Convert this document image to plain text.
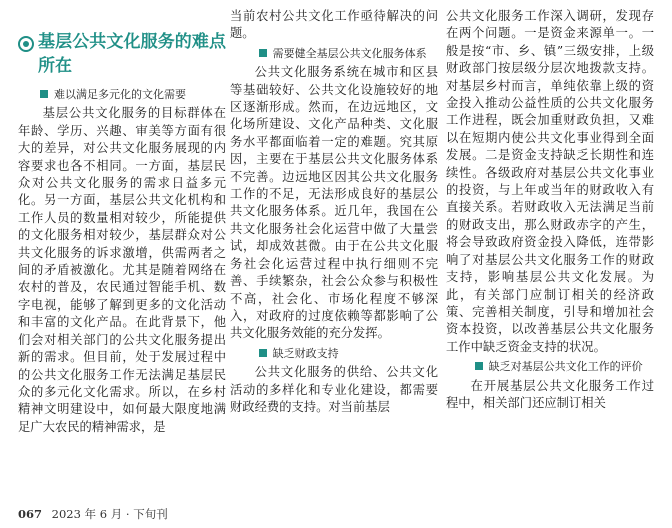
基层公共文化服务的难点所在
难以满足多元化的文化需要

基层公共文化服务的目标群体在年龄、学历、兴趣、审美等方面有很大的差异，对公共文化服务展现的内容要求也各不相同。一方面，基层民众对公共文化服务的需求日益多元化。另一方面，基层公共文化机构和工作人员的数量相对较少，所能提供的文化服务相对较少，基层群众对公共文化服务的诉求激增，供需两者之间的矛盾被激化。尤其是随着网络在农村的普及，农民通过智能手机、数字电视，能够了解到更多的文化活动和丰富的文化产品。在此背景下，他们会对相关部门的公共文化服务提出新的需求。但目前，处于发展过程中的公共文化服务工作无法满足基层民众的多元化文化需求。所以，在乡村精神文明建设中，如何最大限度地满足广大农民的精神需求，是

当前农村公共文化工作亟待解决的问题。

需要健全基层公共文化服务体系

公共文化服务系统在城市和区县等基础较好、公共文化设施较好的地区逐渐形成。然而，在边远地区，文化场所建设、文化产品种类、文化服务水平都面临着一定的难题。究其原因，主要在于基层公共文化服务体系不完善。边远地区因其公共文化服务工作的不足，无法形成良好的基层公共文化服务体系。近几年，我国在公共文化服务社会化运营中做了大量尝试，却成效甚微。由于在公共文化服务社会化运营过程中执行细则不完善、手续繁杂，社会公众参与积极性不高，社会化、市场化程度不够深入，对政府的过度依赖等都影响了公共文化服务效能的充分发挥。

缺乏财政支持

公共文化服务的供给、公共文化活动的多样化和专业化建设，都需要财政经费的支持。对当前基层

公共文化服务工作深入调研，发现存在两个问题。一是资金来源单一。一般是按“市、乡、镇”三级安排，上级财政部门按层级分层次地拨款支持。对基层乡村而言，单纯依靠上级的资金投入推动公益性质的公共文化服务工作进程，既会加重财政负担，又难以在短期内使公共文化事业得到全面发展。二是资金支持缺乏长期性和连续性。各级政府对基层公共文化事业的投资，与上年或当年的财政收入有直接关系。若财政收入无法满足当前的财政支出，那么财政赤字的产生，将会导致政府资金投入降低，连带影响了对基层公共文化服务工作的财政支持，影响基层公共文化发展。为此，有关部门应制订相关的经济政策、完善相关制度，引导和增加社会资本投资，以改善基层公共文化服务工作中缺乏资金支持的状况。

缺乏对基层公共文化工作的评价

在开展基层公共文化服务工作过程中，相关部门还应制订相关

067 2023 年 6 月 · 下旬刊
